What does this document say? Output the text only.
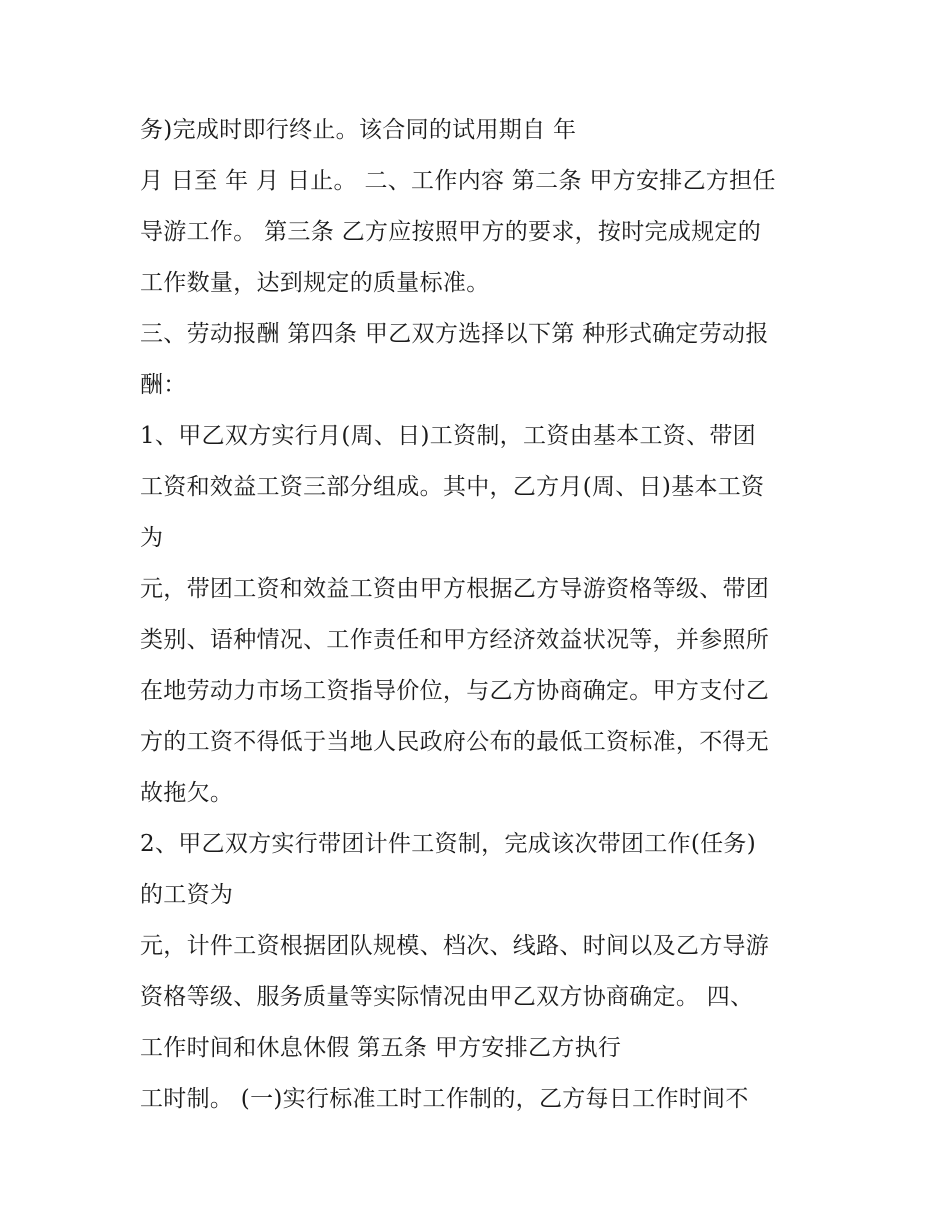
务)完成时即行终止。该合同的试用期自 年
月 日至 年 月 日止。 二、工作内容 第二条 甲方安排乙方担任
导游工作。 第三条 乙方应按照甲方的要求，按时完成规定的
工作数量，达到规定的质量标准。
三、劳动报酬 第四条 甲乙双方选择以下第 种形式确定劳动报
酬：
1、甲乙双方实行月(周、日)工资制，工资由基本工资、带团
工资和效益工资三部分组成。其中，乙方月(周、日)基本工资
为
元，带团工资和效益工资由甲方根据乙方导游资格等级、带团
类别、语种情况、工作责任和甲方经济效益状况等，并参照所
在地劳动力市场工资指导价位，与乙方协商确定。甲方支付乙
方的工资不得低于当地人民政府公布的最低工资标准，不得无
故拖欠。
2、甲乙双方实行带团计件工资制，完成该次带团工作(任务)
的工资为
元，计件工资根据团队规模、档次、线路、时间以及乙方导游
资格等级、服务质量等实际情况由甲乙双方协商确定。 四、
工作时间和休息休假 第五条 甲方安排乙方执行
工时制。 (一)实行标准工时工作制的，乙方每日工作时间不
